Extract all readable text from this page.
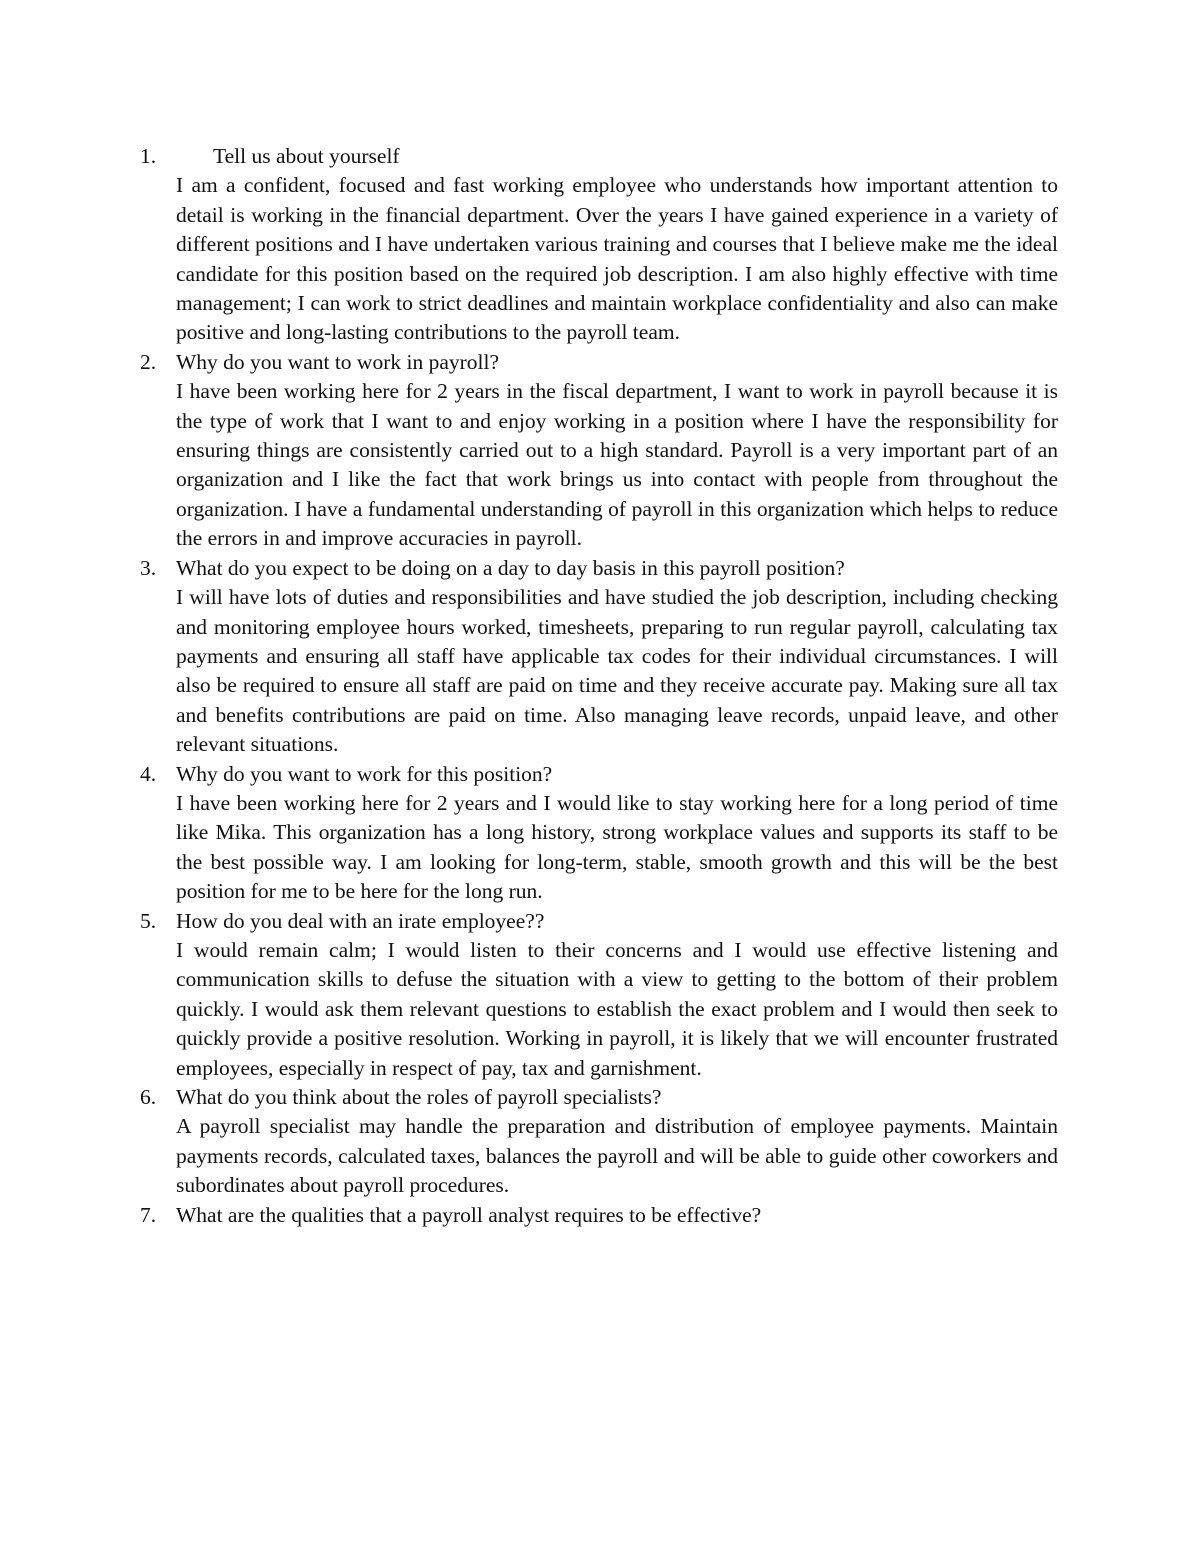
1.	Tell us about yourself
I am a confident, focused and fast working employee who understands how important attention to detail is working in the financial department. Over the years I have gained experience in a variety of different positions and I have undertaken various training and courses that I believe make me the ideal candidate for this position based on the required job description. I am also highly effective with time management; I can work to strict deadlines and maintain workplace confidentiality and also can make positive and long-lasting contributions to the payroll team.
2. Why do you want to work in payroll?
I have been working here for 2 years in the fiscal department, I want to work in payroll because it is the type of work that I want to and enjoy working in a position where I have the responsibility for ensuring things are consistently carried out to a high standard. Payroll is a very important part of an organization and I like the fact that work brings us into contact with people from throughout the organization. I have a fundamental understanding of payroll in this organization which helps to reduce the errors in and improve accuracies in payroll.
3. What do you expect to be doing on a day to day basis in this payroll position?
I will have lots of duties and responsibilities and have studied the job description, including checking and monitoring employee hours worked, timesheets, preparing to run regular payroll, calculating tax payments and ensuring all staff have applicable tax codes for their individual circumstances. I will also be required to ensure all staff are paid on time and they receive accurate pay. Making sure all tax and benefits contributions are paid on time. Also managing leave records, unpaid leave, and other relevant situations.
4. Why do you want to work for this position?
I have been working here for 2 years and I would like to stay working here for a long period of time like Mika. This organization has a long history, strong workplace values and supports its staff to be the best possible way. I am looking for long-term, stable, smooth growth and this will be the best position for me to be here for the long run.
5. How do you deal with an irate employee??
I would remain calm; I would listen to their concerns and I would use effective listening and communication skills to defuse the situation with a view to getting to the bottom of their problem quickly. I would ask them relevant questions to establish the exact problem and I would then seek to quickly provide a positive resolution. Working in payroll, it is likely that we will encounter frustrated employees, especially in respect of pay, tax and garnishment.
6. What do you think about the roles of payroll specialists?
A payroll specialist may handle the preparation and distribution of employee payments. Maintain payments records, calculated taxes, balances the payroll and will be able to guide other coworkers and subordinates about payroll procedures.
7. What are the qualities that a payroll analyst requires to be effective?
